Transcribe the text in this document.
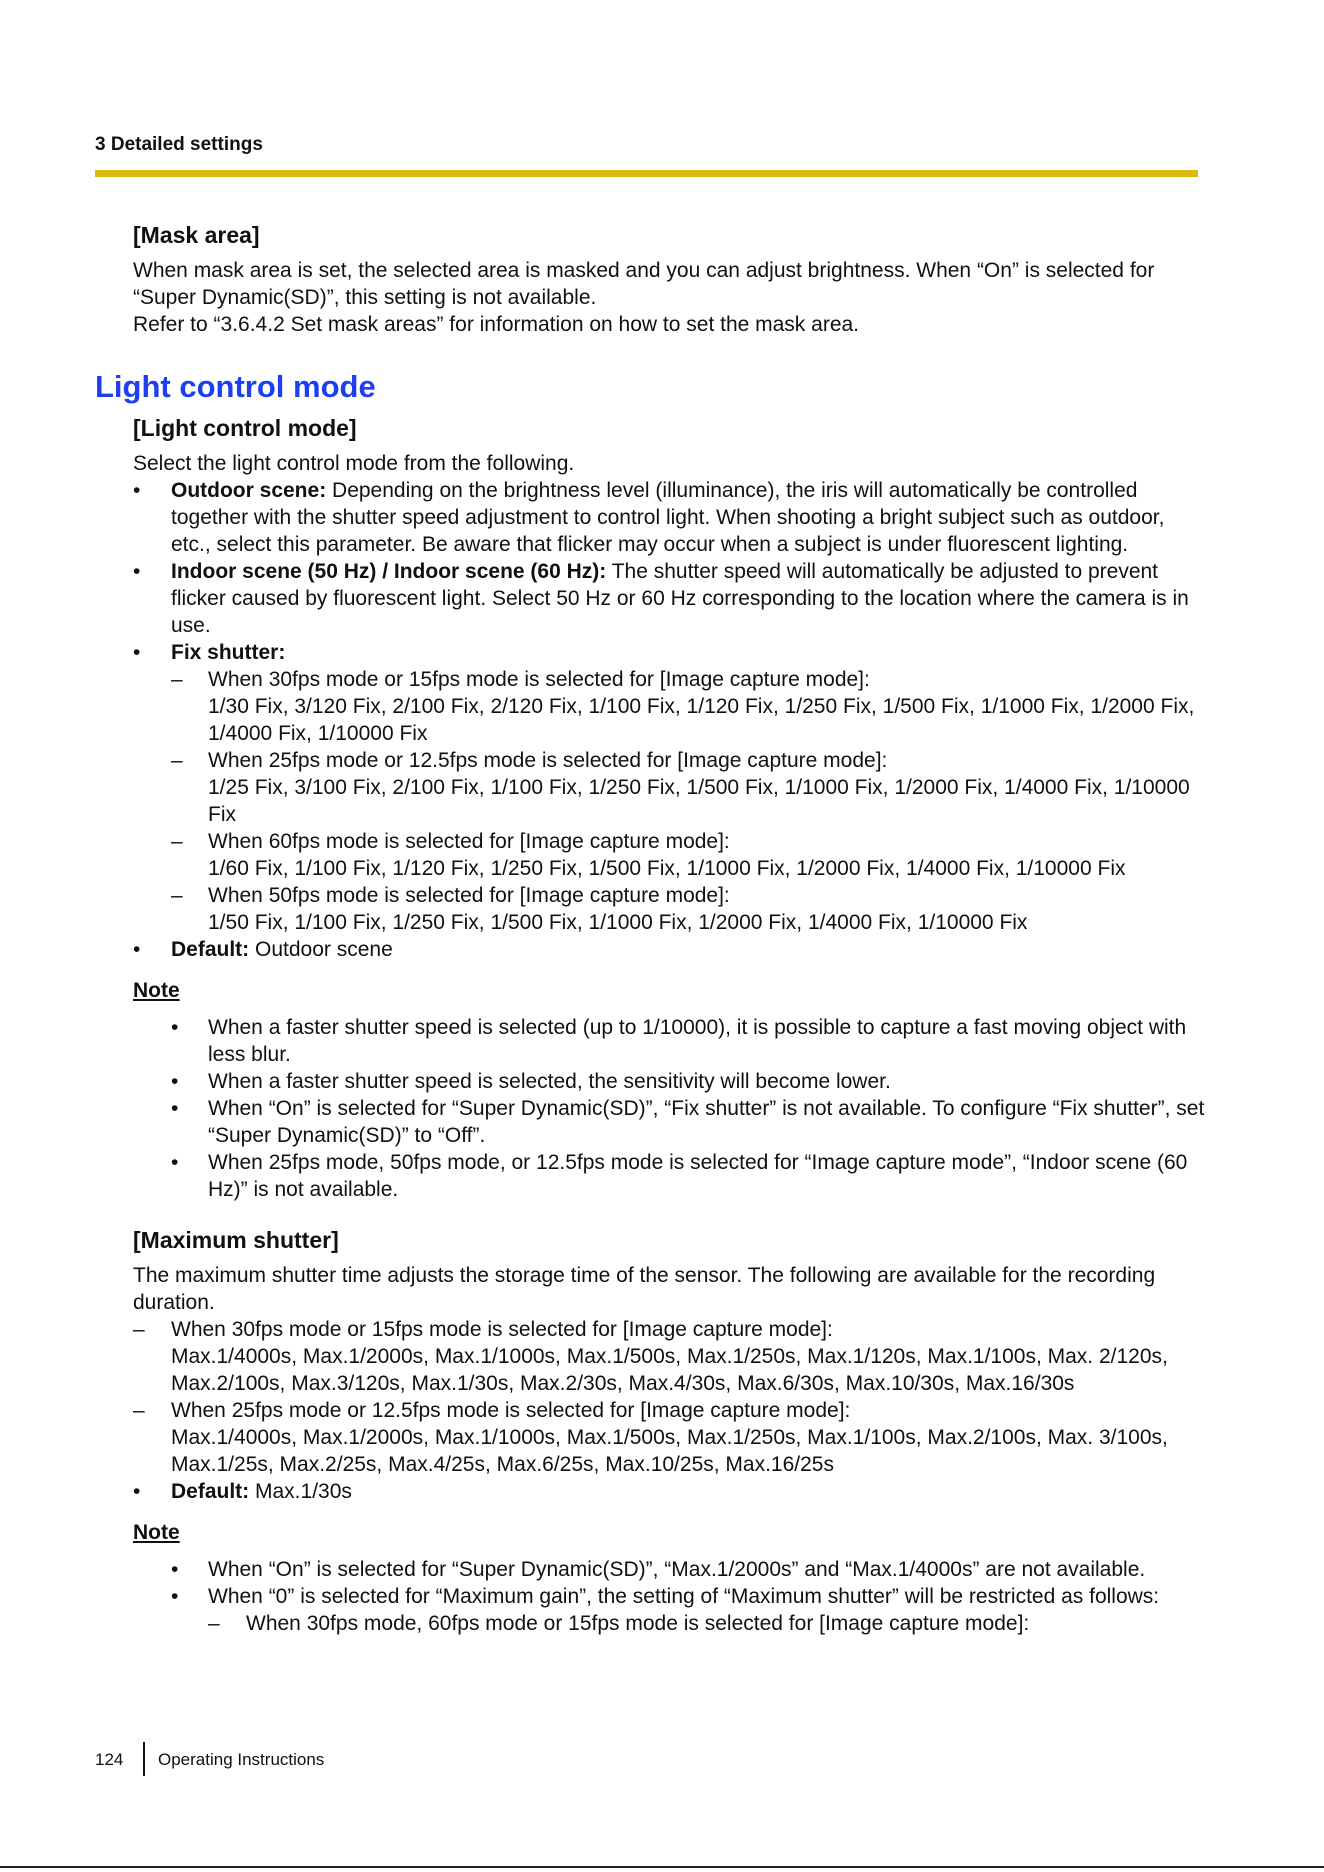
3 Detailed settings
[Mask area]

When mask area is set, the selected area is masked and you can adjust brightness. When “On” is selected for “Super Dynamic(SD)”, this setting is not available.

Refer to “3.6.4.2 Set mask areas” for information on how to set the mask area.

Light control mode
[Light control mode]

Select the light control mode from the following.

• Outdoor scene: Depending on the brightness level (illuminance), the iris will automatically be controlled together with the shutter speed adjustment to control light. When shooting a bright subject such as outdoor, etc., select this parameter. Be aware that flicker may occur when a subject is under fluorescent lighting.
• Indoor scene (50 Hz) / Indoor scene (60 Hz): The shutter speed will automatically be adjusted to prevent flicker caused by fluorescent light. Select 50 Hz or 60 Hz corresponding to the location where the camera is in use.
• Fix shutter:
– When 30fps mode or 15fps mode is selected for [Image capture mode]:
1/30 Fix, 3/120 Fix, 2/100 Fix, 2/120 Fix, 1/100 Fix, 1/120 Fix, 1/250 Fix, 1/500 Fix, 1/1000 Fix, 1/2000 Fix, 1/4000 Fix, 1/10000 Fix
– When 25fps mode or 12.5fps mode is selected for [Image capture mode]:
1/25 Fix, 3/100 Fix, 2/100 Fix, 1/100 Fix, 1/250 Fix, 1/500 Fix, 1/1000 Fix, 1/2000 Fix, 1/4000 Fix, 1/10000 Fix
– When 60fps mode is selected for [Image capture mode]:
1/60 Fix, 1/100 Fix, 1/120 Fix, 1/250 Fix, 1/500 Fix, 1/1000 Fix, 1/2000 Fix, 1/4000 Fix, 1/10000 Fix
– When 50fps mode is selected for [Image capture mode]:
1/50 Fix, 1/100 Fix, 1/250 Fix, 1/500 Fix, 1/1000 Fix, 1/2000 Fix, 1/4000 Fix, 1/10000 Fix
• Default: Outdoor scene
Note
• When a faster shutter speed is selected (up to 1/10000), it is possible to capture a fast moving object with less blur.
• When a faster shutter speed is selected, the sensitivity will become lower.
• When “On” is selected for “Super Dynamic(SD)”, “Fix shutter” is not available. To configure “Fix shutter”, set “Super Dynamic(SD)” to “Off”.
• When 25fps mode, 50fps mode, or 12.5fps mode is selected for “Image capture mode”, “Indoor scene (60 Hz)” is not available.
[Maximum shutter]

The maximum shutter time adjusts the storage time of the sensor. The following are available for the recording duration.

– When 30fps mode or 15fps mode is selected for [Image capture mode]:
Max.1/4000s, Max.1/2000s, Max.1/1000s, Max.1/500s, Max.1/250s, Max.1/120s, Max.1/100s, Max. 2/120s, Max.2/100s, Max.3/120s, Max.1/30s, Max.2/30s, Max.4/30s, Max.6/30s, Max.10/30s, Max.16/30s
– When 25fps mode or 12.5fps mode is selected for [Image capture mode]:
Max.1/4000s, Max.1/2000s, Max.1/1000s, Max.1/500s, Max.1/250s, Max.1/100s, Max.2/100s, Max. 3/100s, Max.1/25s, Max.2/25s, Max.4/25s, Max.6/25s, Max.10/25s, Max.16/25s
• Default: Max.1/30s
Note
• When “On” is selected for “Super Dynamic(SD)”, “Max.1/2000s” and “Max.1/4000s” are not available.
• When “0” is selected for “Maximum gain”, the setting of “Maximum shutter” will be restricted as follows:
– When 30fps mode, 60fps mode or 15fps mode is selected for [Image capture mode]:
124 Operating Instructions
